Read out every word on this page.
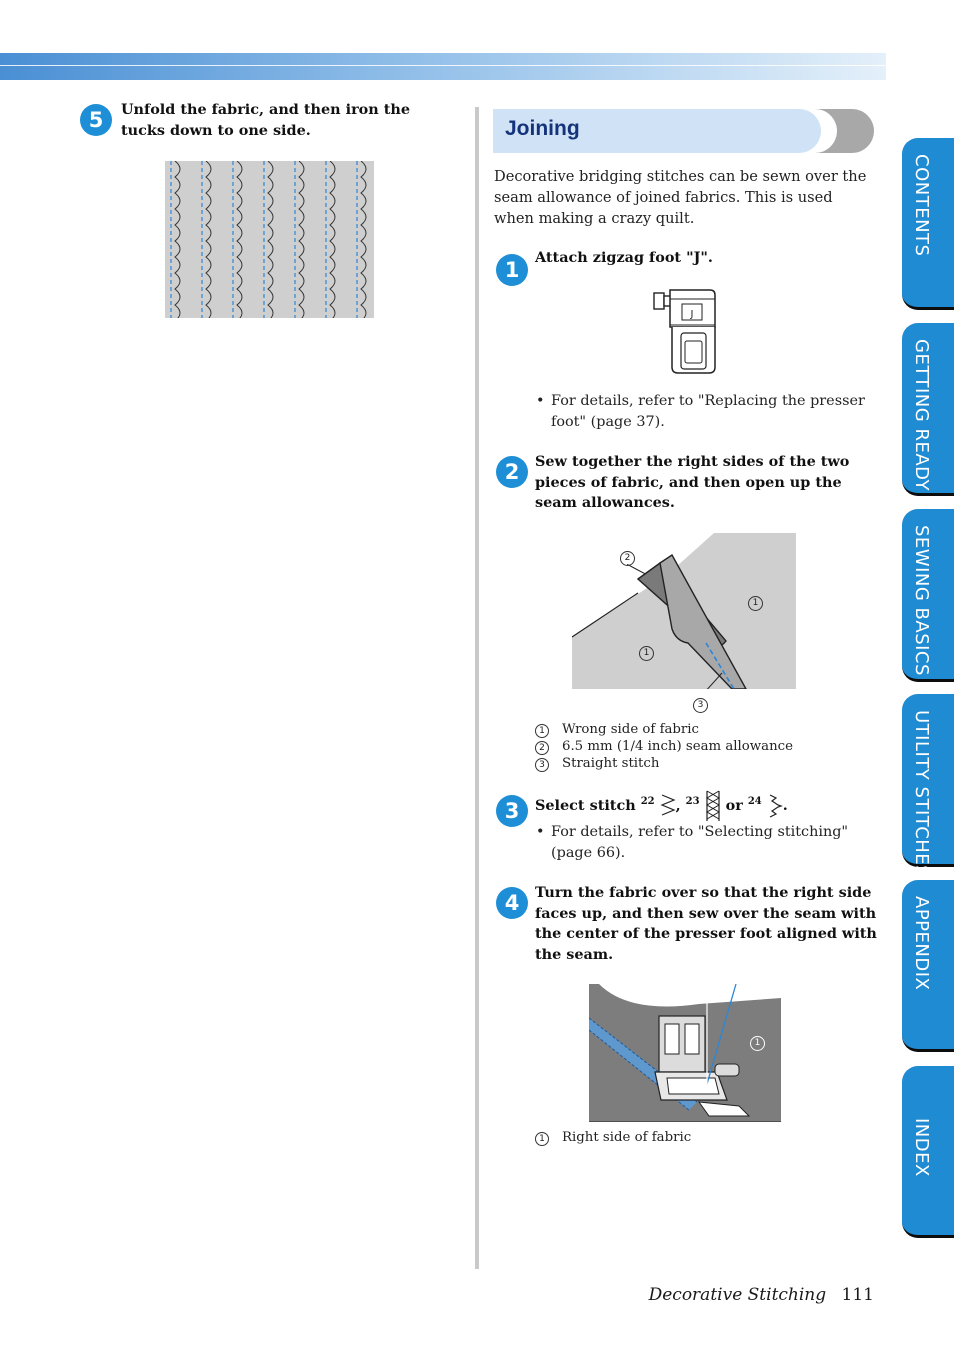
5	Unfold the fabric, and then iron the tucks down to one side.	Joining
Decorative bridging stitches can be sewn over the seam allowance of joined fabrics. This is used when making a crazy quilt.
1
Attach zigzag foot "J".
J
• For details, refer to "Replacing the presser foot" (page 37).
2	Sew together the right sides of the two pieces of fabric, and then open up the seam allowances.
2
1
1
3
1	Wrong side of fabric
2	6.5 mm (1/4 inch) seam allowance
3	Straight stitch
3	Select stitch $^{22}$ , $^{23}$ or $^{24}$ .
• For details, refer to "Selecting stitching" (page 66).
4	Turn the fabric over so that the right side faces up, and then sew over the seam with the center of the presser foot aligned with the seam.
1
1	Right side of fabric
CONTENTS
GETTING READY
SEWING BASICS
UTILITY STITCHES
APPENDIX
INDEX
Decorative Stitching 111
